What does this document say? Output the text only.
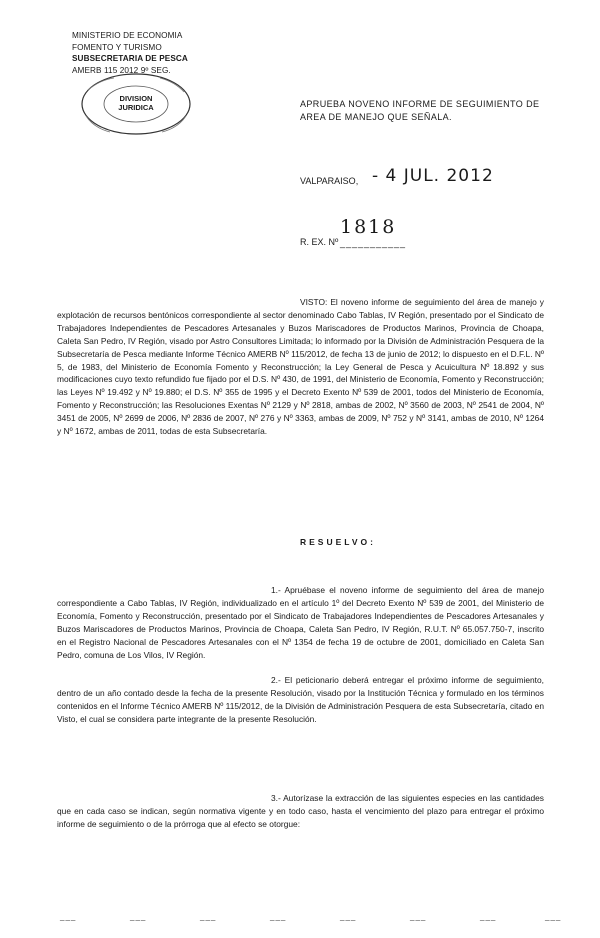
MINISTERIO DE ECONOMIA
FOMENTO Y TURISMO
SUBSECRETARIA DE PESCA
AMERB 115 2012 9º SEG.
DIVISION
JURIDICA	APRUEBA NOVENO INFORME DE SEGUIMIENTO DE AREA DE MANEJO QUE SEÑALA.
VALPARAISO, - 4 JUL. 2012
R. EX. Nº
1818
___________
VISTO: El noveno informe de seguimiento del área de manejo y explotación de recursos bentónicos correspondiente al sector denominado Cabo Tablas, IV Región, presentado por el Sindicato de Trabajadores Independientes de Pescadores Artesanales y Buzos Mariscadores de Productos Marinos, Provincia de Choapa, Caleta San Pedro, IV Región, visado por Astro Consultores Limitada; lo informado por la División de Administración Pesquera de la Subsecretaría de Pesca mediante Informe Técnico AMERB Nº 115/2012, de fecha 13 de junio de 2012; lo dispuesto en el D.F.L. Nº 5, de 1983, del Ministerio de Economía Fomento y Reconstrucción; la Ley General de Pesca y Acuicultura Nº 18.892 y sus modificaciones cuyo texto refundido fue fijado por el D.S. Nº 430, de 1991, del Ministerio de Economía, Fomento y Reconstrucción; las Leyes Nº 19.492 y Nº 19.880; el D.S. Nº 355 de 1995 y el Decreto Exento Nº 539 de 2001, todos del Ministerio de Economía, Fomento y Reconstrucción; las Resoluciones Exentas Nº 2129 y Nº 2818, ambas de 2002, Nº 3560 de 2003, Nº 2541 de 2004, Nº 3451 de 2005, Nº 2699 de 2006, Nº 2836 de 2007, Nº 276 y Nº 3363, ambas de 2009, Nº 752 y Nº 3141, ambas de 2010, Nº 1264 y Nº 1672, ambas de 2011, todas de esta Subsecretaría.
RESUELVO:
1.- Apruébase el noveno informe de seguimiento del área de manejo correspondiente a Cabo Tablas, IV Región, individualizado en el artículo 1º del Decreto Exento Nº 539 de 2001, del Ministerio de Economía, Fomento y Reconstrucción, presentado por el Sindicato de Trabajadores Independientes de Pescadores Artesanales y Buzos Mariscadores de Productos Marinos, Provincia de Choapa, Caleta San Pedro, IV Región, R.U.T. Nº 65.057.750-7, inscrito en el Registro Nacional de Pescadores Artesanales con el Nº 1354 de fecha 19 de octubre de 2001, domiciliado en Caleta San Pedro, comuna de Los Vilos, IV Región.
2.- El peticionario deberá entregar el próximo informe de seguimiento, dentro de un año contado desde la fecha de la presente Resolución, visado por la Institución Técnica y formulado en los términos contenidos en el Informe Técnico AMERB Nº 115/2012, de la División de Administración Pesquera de esta Subsecretaría, citado en Visto, el cual se considera parte integrante de la presente Resolución.
3.- Autorízase la extracción de las siguientes especies en las cantidades que en cada caso se indican, según normativa vigente y en todo caso, hasta el vencimiento del plazo para entregar el próximo informe de seguimiento o de la prórroga que al efecto se otorgue:
___	___	___	___	___	___	___	___
